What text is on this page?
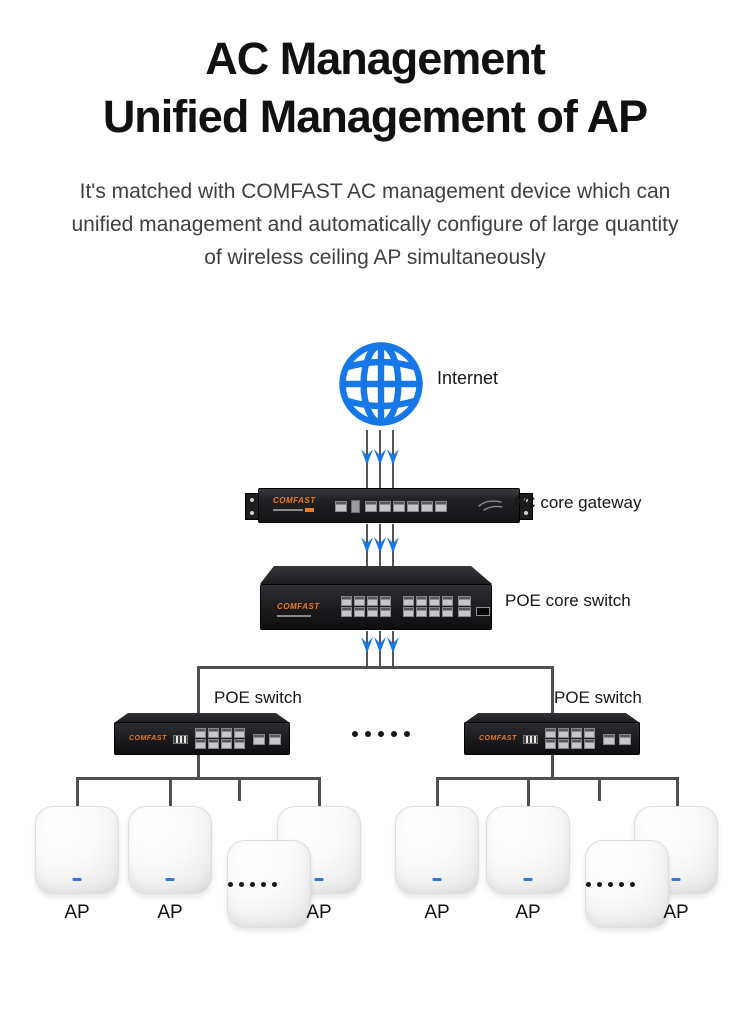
AC Management
Unified Management of AP
It's matched with COMFAST AC management device which can
unified management and automatically configure of large quantity
of wireless ceiling AP simultaneously
Internet
COMFAST	AC core gateway
COMFAST	POE core switch
POE switch	POE switch
COMFAST	COMFAST
AP	AP	AP	AP	AP	AP
